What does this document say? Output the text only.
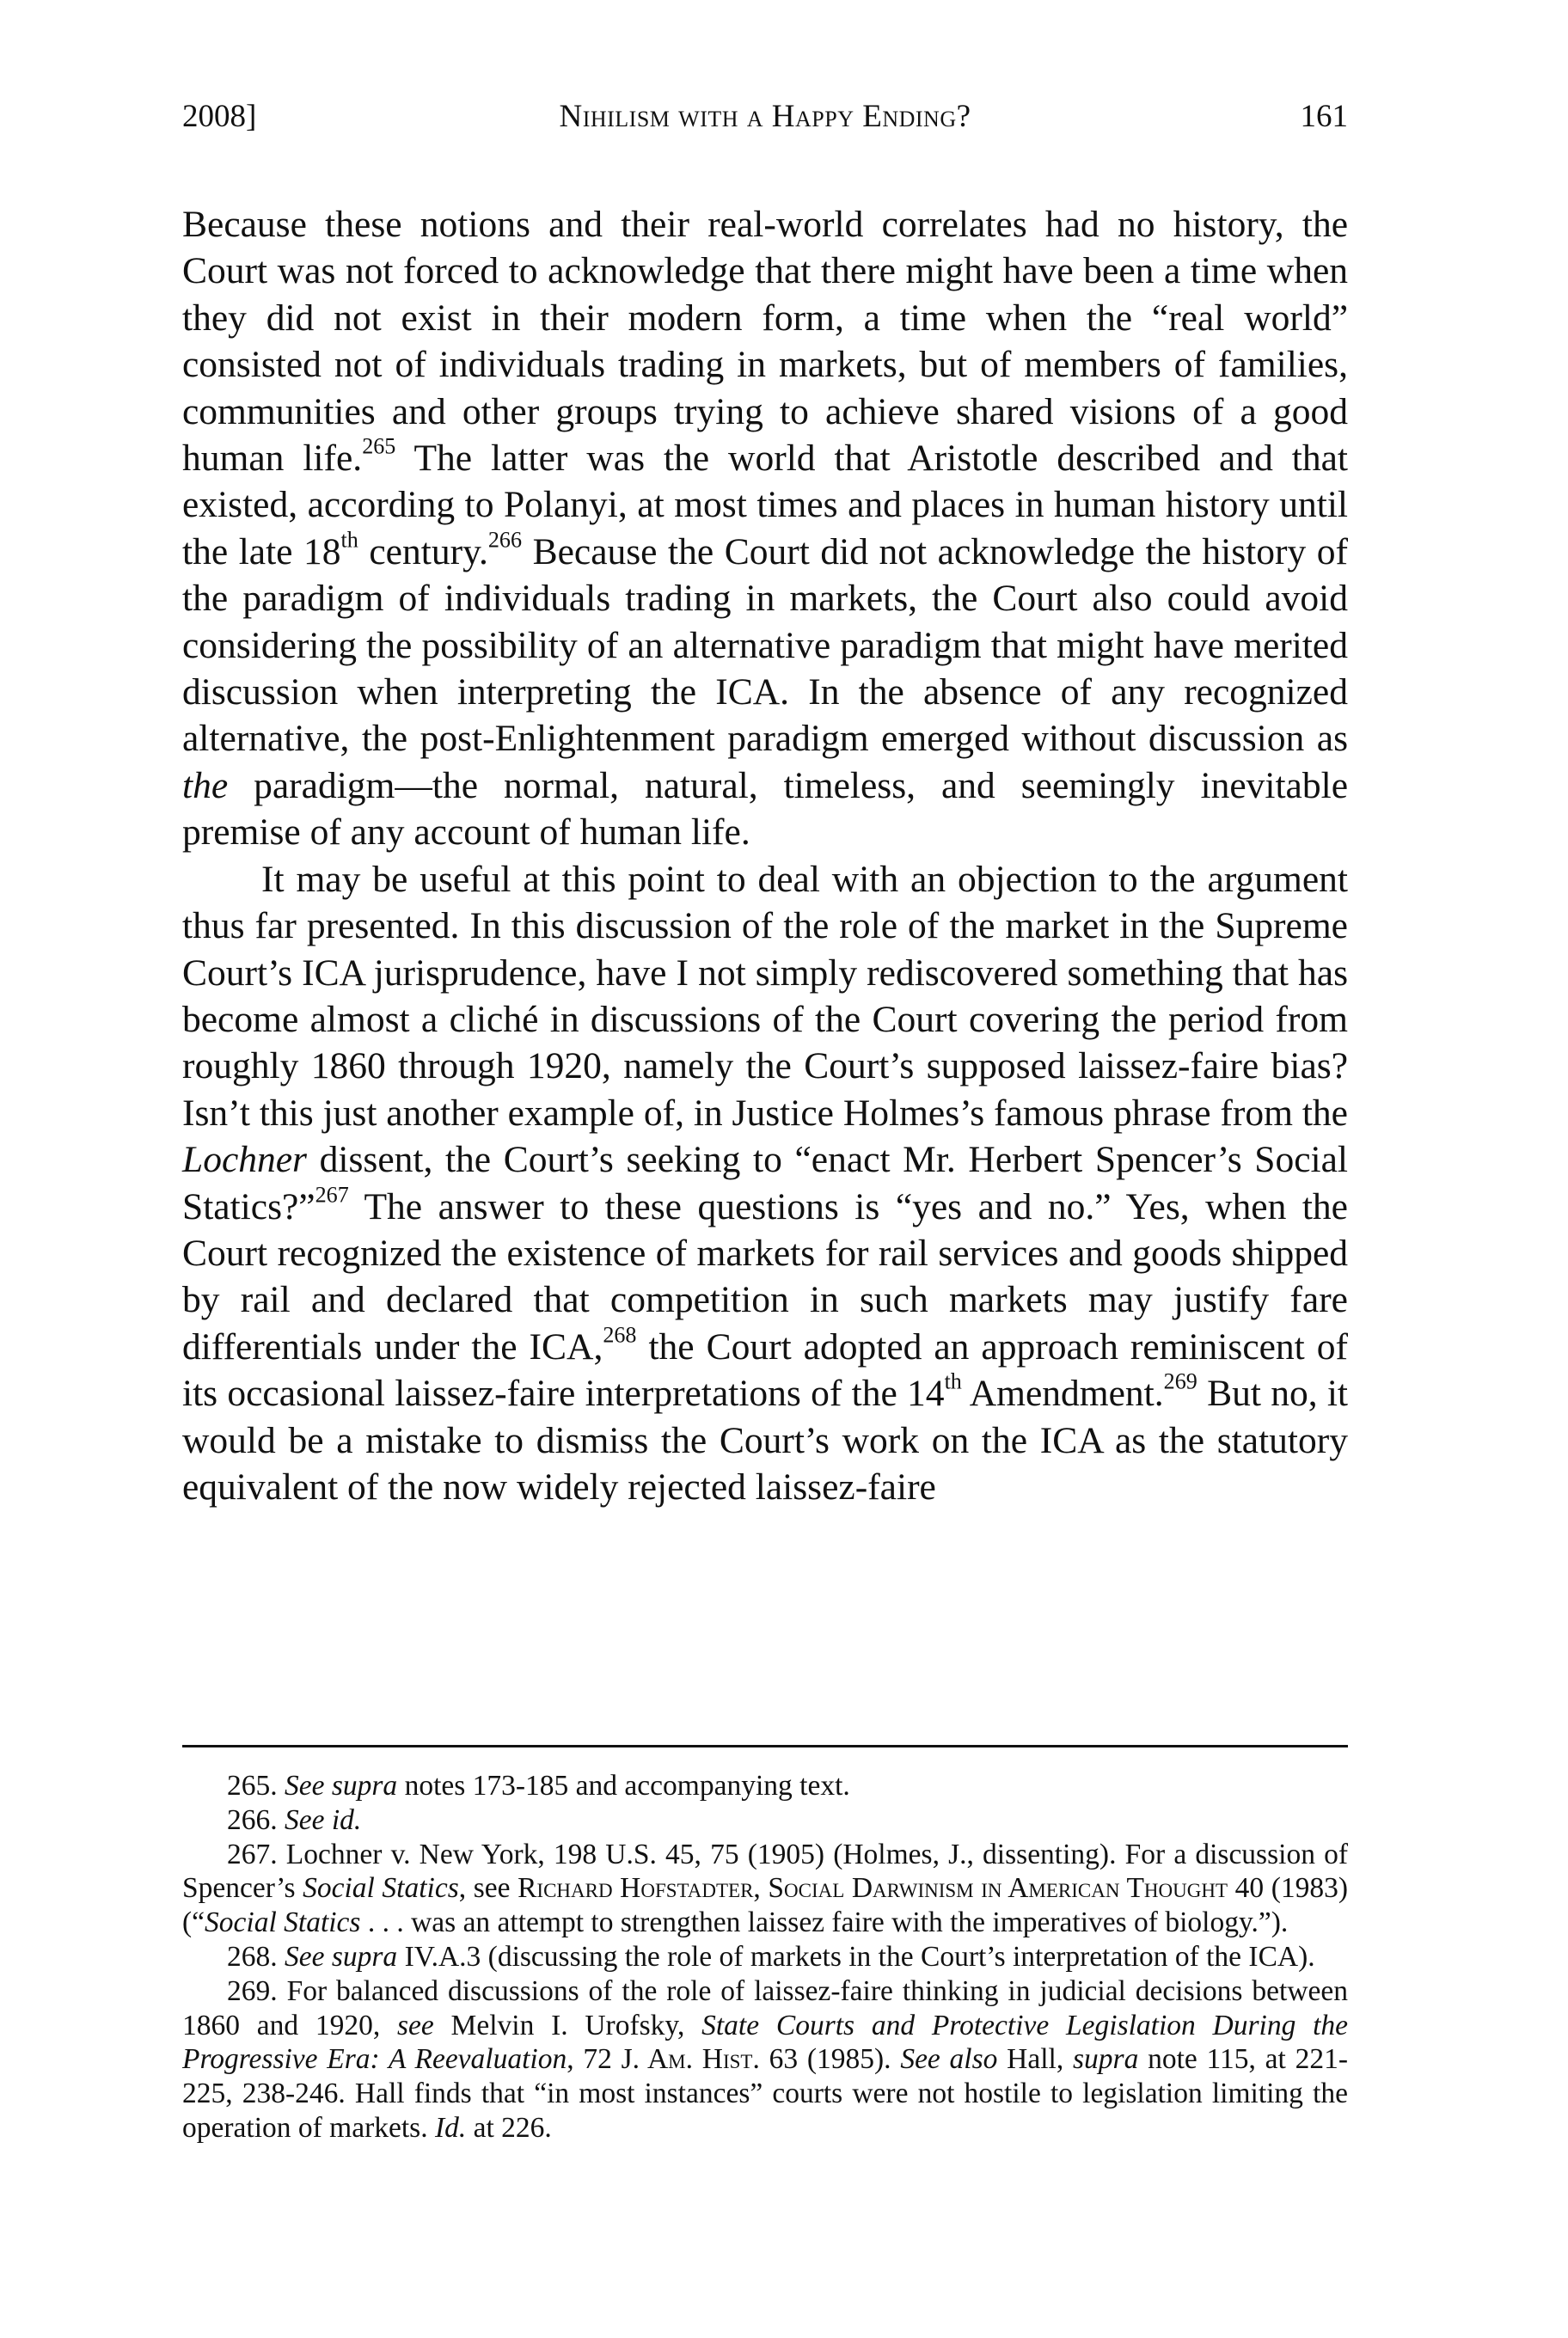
2008]	Nihilism with a Happy Ending?	161

Because these notions and their real-world correlates had no history, the Court was not forced to acknowledge that there might have been a time when they did not exist in their modern form, a time when the “real world” consisted not of individuals trading in markets, but of members of families, communities and other groups trying to achieve shared visions of a good human life.$^{265}$ The latter was the world that Aristotle described and that existed, according to Polanyi, at most times and places in human history until the late 18th century.$^{266}$ Because the Court did not acknowledge the history of the paradigm of individuals trading in markets, the Court also could avoid considering the possibility of an alternative paradigm that might have merited discussion when interpreting the ICA. In the absence of any recognized alternative, the post-Enlightenment paradigm emerged without discussion as the paradigm—the normal, natural, timeless, and seemingly inevitable premise of any account of human life.

It may be useful at this point to deal with an objection to the argument thus far presented. In this discussion of the role of the market in the Supreme Court’s ICA jurisprudence, have I not simply rediscovered something that has become almost a cliché in discussions of the Court covering the period from roughly 1860 through 1920, namely the Court’s supposed laissez-faire bias? Isn’t this just another example of, in Justice Holmes’s famous phrase from the Lochner dissent, the Court’s seeking to “enact Mr. Herbert Spencer’s Social Statics?”$^{267}$ The answer to these questions is “yes and no.” Yes, when the Court recognized the existence of markets for rail services and goods shipped by rail and declared that competition in such markets may justify fare differentials under the ICA,$^{268}$ the Court adopted an approach reminiscent of its occasional laissez-faire interpretations of the 14th Amendment.$^{269}$ But no, it would be a mistake to dismiss the Court’s work on the ICA as the statutory equivalent of the now widely rejected laissez-faire

265. See supra notes 173-185 and accompanying text.

266. See id.

267. Lochner v. New York, 198 U.S. 45, 75 (1905) (Holmes, J., dissenting). For a discussion of Spencer’s Social Statics, see Richard Hofstadter, Social Darwinism in American Thought 40 (1983) (“Social Statics . . . was an attempt to strengthen laissez faire with the imperatives of biology.”).

268. See supra IV.A.3 (discussing the role of markets in the Court’s interpretation of the ICA).

269. For balanced discussions of the role of laissez-faire thinking in judicial decisions between 1860 and 1920, see Melvin I. Urofsky, State Courts and Protective Legislation During the Progressive Era: A Reevaluation, 72 J. Am. Hist. 63 (1985). See also Hall, supra note 115, at 221-225, 238-246. Hall finds that “in most instances” courts were not hostile to legislation limiting the operation of markets. Id. at 226.
